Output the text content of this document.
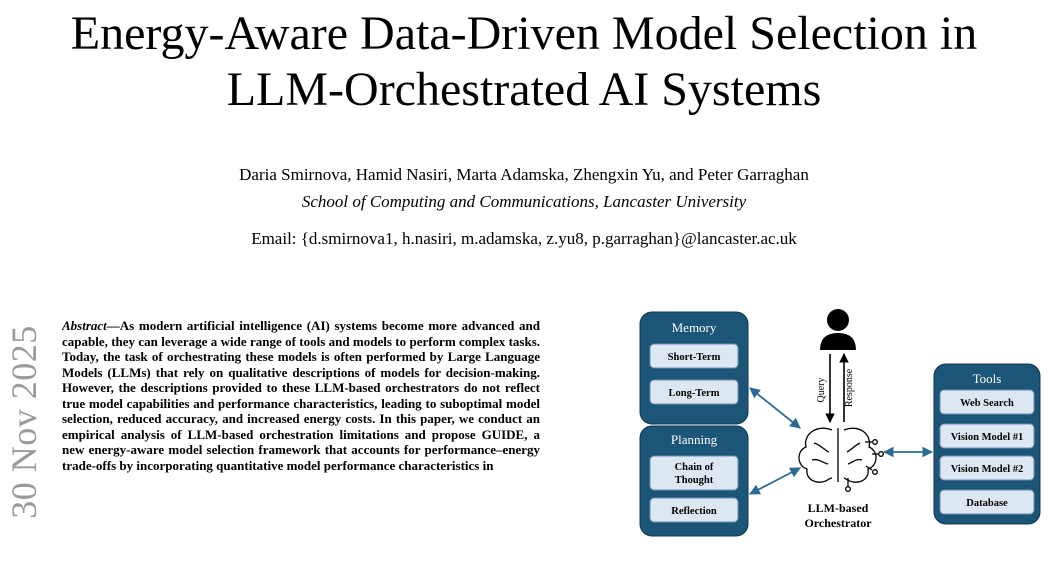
Energy-Aware Data-Driven Model Selection in
LLM-Orchestrated AI Systems
Daria Smirnova, Hamid Nasiri, Marta Adamska, Zhengxin Yu, and Peter Garraghan
School of Computing and Communications, Lancaster University
Email: {d.smirnova1, h.nasiri, m.adamska, z.yu8, p.garraghan}@lancaster.ac.uk
30 Nov 2025 Abstract—As modern artificial intelligence (AI) systems become more advanced and capable, they can leverage a wide range of tools and models to perform complex tasks. Today, the task of orchestrating these models is often performed by Large Language Models (LLMs) that rely on qualitative descriptions of models for decision-making. However, the descriptions provided to these LLM-based orchestrators do not reflect true model capabilities and performance characteristics, leading to suboptimal model selection, reduced accuracy, and increased energy costs. In this paper, we conduct an empirical analysis of LLM-based orchestration limitations and propose GUIDE, a new energy-aware model selection framework that accounts for performance–energy trade-offs by incorporating quantitative model performance characteristics in
Memory
Short-Term
Long-Term
Planning
Chain of
Thought
Reflection
Tools
Web Search
Vision Model #1
Vision Model #2
Database
Query Response
LLM-based
Orchestrator
